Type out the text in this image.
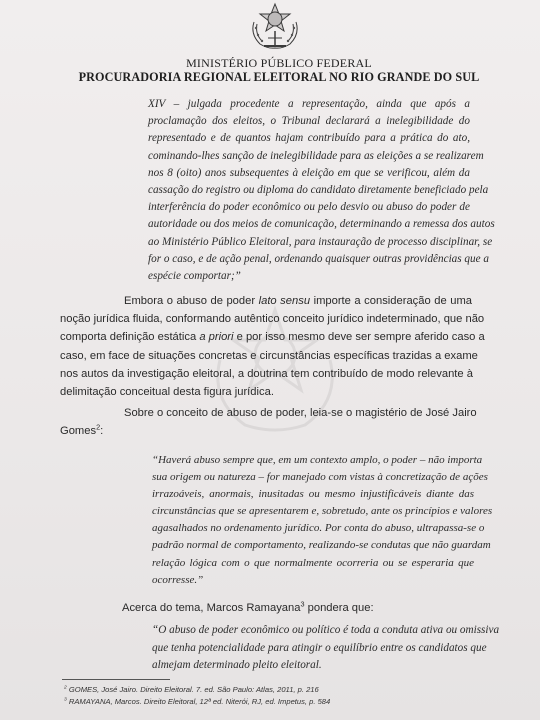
MINISTÉRIO PÚBLICO FEDERAL
PROCURADORIA REGIONAL ELEITORAL NO RIO GRANDE DO SUL
XIV – julgada procedente a representação, ainda que após a
proclamação dos eleitos, o Tribunal declarará a inelegibilidade do
representado e de quantos hajam contribuído para a prática do ato,
cominando-lhes sanção de inelegibilidade para as eleições a se realizarem
nos 8 (oito) anos subsequentes à eleição em que se verificou, além da
cassação do registro ou diploma do candidato diretamente beneficiado pela
interferência do poder econômico ou pelo desvio ou abuso do poder de
autoridade ou dos meios de comunicação, determinando a remessa dos autos
ao Ministério Público Eleitoral, para instauração de processo disciplinar, se
for o caso, e de ação penal, ordenando quaisquer outras providências que a
espécie comportar;”
Embora o abuso de poder lato sensu importe a consideração de uma
noção jurídica fluida, conformando autêntico conceito jurídico indeterminado, que não
comporta definição estática a priori e por isso mesmo deve ser sempre aferido caso a
caso, em face de situações concretas e circunstâncias específicas trazidas a exame
nos autos da investigação eleitoral, a doutrina tem contribuído de modo relevante à
delimitação conceitual desta figura jurídica.
Sobre o conceito de abuso de poder, leia-se o magistério de José Jairo
Gomes$^2$:
“Haverá abuso sempre que, em um contexto amplo, o poder – não importa
sua origem ou natureza – for manejado com vistas à concretização de ações
irrazoáveis, anormais, inusitadas ou mesmo injustificáveis diante das
circunstâncias que se apresentarem e, sobretudo, ante os princípios e valores
agasalhados no ordenamento jurídico. Por conta do abuso, ultrapassa-se o
padrão normal de comportamento, realizando-se condutas que não guardam
relação lógica com o que normalmente ocorreria ou se esperaria que
ocorresse.”
Acerca do tema, Marcos Ramayana$^3$ pondera que:
“O abuso de poder econômico ou político é toda a conduta ativa ou omissiva
que tenha potencialidade para atingir o equilíbrio entre os candidatos que
almejam determinado pleito eleitoral.
$^2$ GOMES, José Jairo. Direito Eleitoral. 7. ed. São Paulo: Atlas, 2011, p. 216
$^3$ RAMAYANA, Marcos. Direito Eleitoral, 12ª ed. Niterói, RJ, ed. Impetus, p. 584
